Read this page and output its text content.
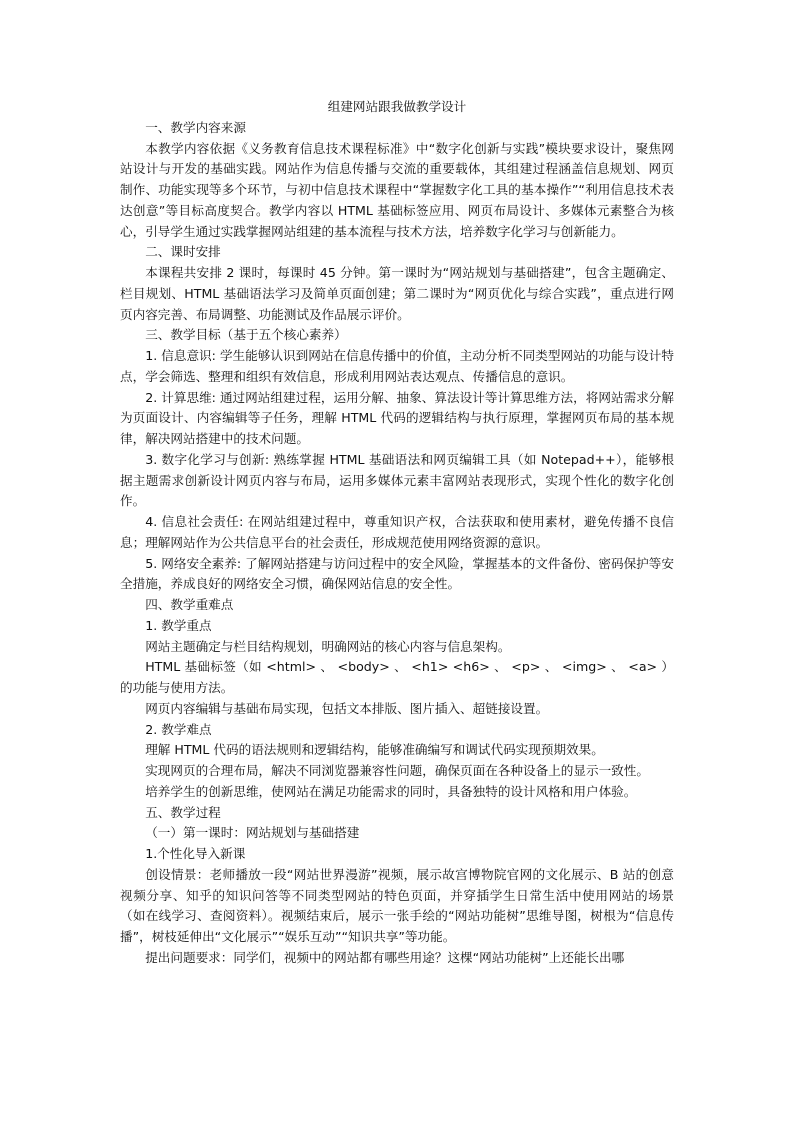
组建网站跟我做教学设计

一、教学内容来源

本教学内容依据《义务教育信息技术课程标准》中“数字化创新与实践”模块要求设计，聚焦网站设计与开发的基础实践。网站作为信息传播与交流的重要载体，其组建过程涵盖信息规划、网页制作、功能实现等多个环节，与初中信息技术课程中“掌握数字化工具的基本操作”“利用信息技术表达创意”等目标高度契合。教学内容以 HTML 基础标签应用、网页布局设计、多媒体元素整合为核心，引导学生通过实践掌握网站组建的基本流程与技术方法，培养数字化学习与创新能力。

二、课时安排

本课程共安排 2 课时，每课时 45 分钟。第一课时为“网站规划与基础搭建”，包含主题确定、栏目规划、HTML 基础语法学习及简单页面创建；第二课时为“网页优化与综合实践”，重点进行网页内容完善、布局调整、功能测试及作品展示评价。

三、教学目标（基于五个核心素养）

1. 信息意识: 学生能够认识到网站在信息传播中的价值，主动分析不同类型网站的功能与设计特点，学会筛选、整理和组织有效信息，形成利用网站表达观点、传播信息的意识。

2. 计算思维: 通过网站组建过程，运用分解、抽象、算法设计等计算思维方法，将网站需求分解为页面设计、内容编辑等子任务，理解 HTML 代码的逻辑结构与执行原理，掌握网页布局的基本规律，解决网站搭建中的技术问题。

3. 数字化学习与创新: 熟练掌握 HTML 基础语法和网页编辑工具（如 Notepad++），能够根据主题需求创新设计网页内容与布局，运用多媒体元素丰富网站表现形式，实现个性化的数字化创作。

4. 信息社会责任: 在网站组建过程中，尊重知识产权，合法获取和使用素材，避免传播不良信息；理解网站作为公共信息平台的社会责任，形成规范使用网络资源的意识。

5. 网络安全素养: 了解网站搭建与访问过程中的安全风险，掌握基本的文件备份、密码保护等安全措施，养成良好的网络安全习惯，确保网站信息的安全性。

四、教学重难点

1. 教学重点

网站主题确定与栏目结构规划，明确网站的核心内容与信息架构。

HTML 基础标签（如 <html> 、 <body> 、 <h1> <h6> 、 <p> 、 <img> 、 <a> ）的功能与使用方法。

网页内容编辑与基础布局实现，包括文本排版、图片插入、超链接设置。

2. 教学难点

理解 HTML 代码的语法规则和逻辑结构，能够准确编写和调试代码实现预期效果。

实现网页的合理布局，解决不同浏览器兼容性问题，确保页面在各种设备上的显示一致性。

培养学生的创新思维，使网站在满足功能需求的同时，具备独特的设计风格和用户体验。

五、教学过程

（一）第一课时：网站规划与基础搭建

1.个性化导入新课

创设情景：老师播放一段“网站世界漫游”视频，展示故宫博物院官网的文化展示、B 站的创意视频分享、知乎的知识问答等不同类型网站的特色页面，并穿插学生日常生活中使用网站的场景（如在线学习、查阅资料）。视频结束后，展示一张手绘的“网站功能树”思维导图，树根为“信息传播”，树枝延伸出“文化展示”“娱乐互动”“知识共享”等功能。

提出问题要求：同学们，视频中的网站都有哪些用途？这棵“网站功能树”上还能长出哪
